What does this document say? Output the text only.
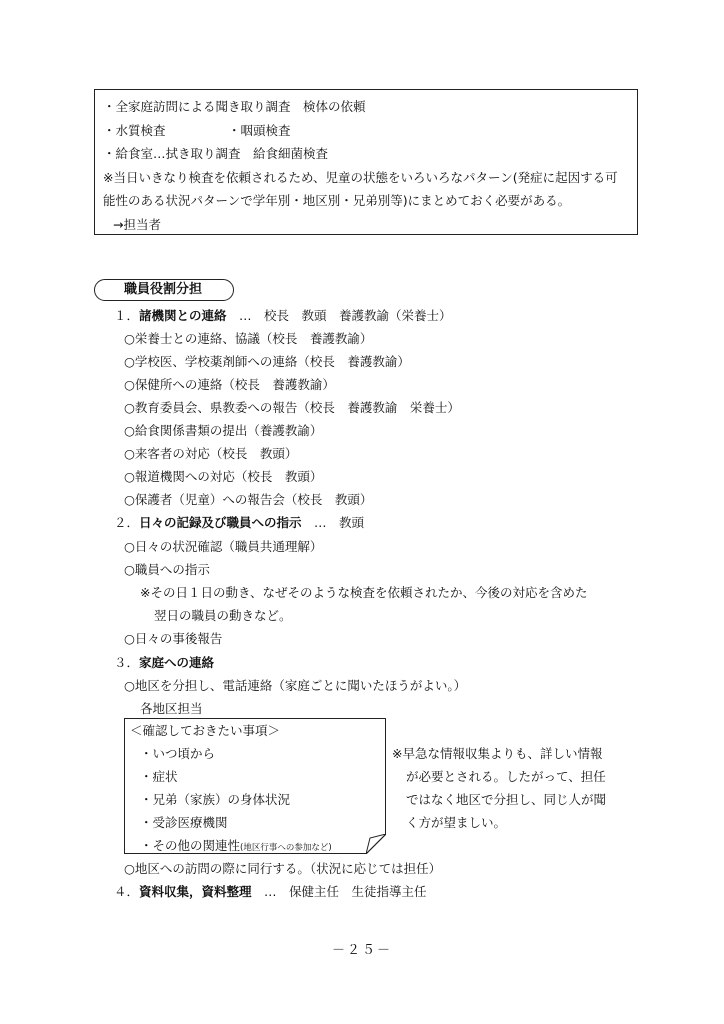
・全家庭訪問による聞き取り調査　検体の依頼
・水質検査　　　　　・咽頭検査
・給食室…拭き取り調査　給食細菌検査
※当日いきなり検査を依頼されるため、児童の状態をいろいろなパターン(発症に起因する可
能性のある状況パターンで学年別・地区別・兄弟別等)にまとめておく必要がある。
→担当者
職員役割分担
１．諸機関との連絡　…　校長　教頭　養護教諭（栄養士）
○栄養士との連絡、協議（校長　養護教諭）
○学校医、学校薬剤師への連絡（校長　養護教諭）
○保健所への連絡（校長　養護教諭）
○教育委員会、県教委への報告（校長　養護教諭　栄養士）
○給食関係書類の提出（養護教諭）
○来客者の対応（校長　教頭）
○報道機関への対応（校長　教頭）
○保護者（児童）への報告会（校長　教頭）
２．日々の記録及び職員への指示　…　教頭
○日々の状況確認（職員共通理解）
○職員への指示
※その日１日の動き、なぜそのような検査を依頼されたか、今後の対応を含めた
翌日の職員の動きなど。
○日々の事後報告
３．家庭への連絡
○地区を分担し、電話連絡（家庭ごとに聞いたほうがよい。）
各地区担当
＜確認しておきたい事項＞
・いつ頃から
・症状
・兄弟（家族）の身体状況
・受診医療機関
・その他の関連性(地区行事への参加など)
※早急な情報収集よりも、詳しい情報
が必要とされる。したがって、担任
ではなく地区で分担し、同じ人が聞
く方が望ましい。
○地区への訪問の際に同行する。（状況に応じては担任）
４．資料収集，資料整理　…　保健主任　生徒指導主任
－２５－
